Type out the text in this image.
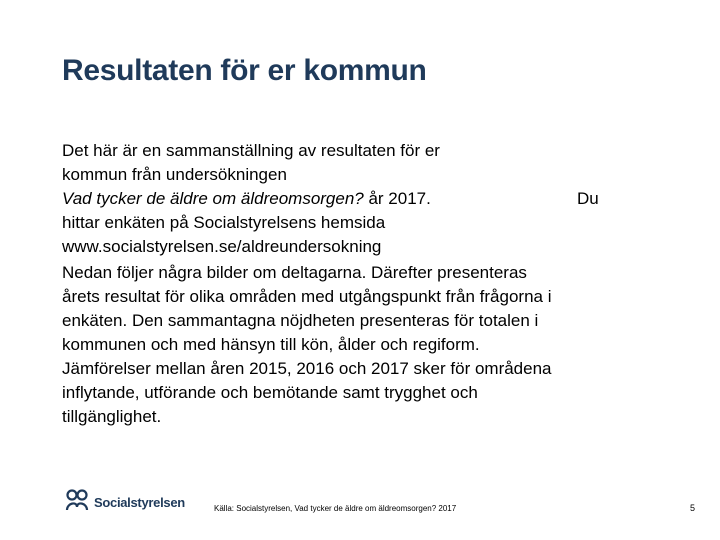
Resultaten för er kommun
Det här är en sammanställning av resultaten för er
kommun från undersökningen
Vad tycker de äldre om äldreomsorgen? år 2017.	Du
hittar enkäten på Socialstyrelsens hemsida
www.socialstyrelsen.se/aldreundersokning
Nedan följer några bilder om deltagarna. Därefter presenteras
årets resultat för olika områden med utgångspunkt från frågorna i
enkäten. Den sammantagna nöjdheten presenteras för totalen i
kommunen och med hänsyn till kön, ålder och regiform.
Jämförelser mellan åren 2015, 2016 och 2017 sker för områdena
inflytande, utförande och bemötande samt trygghet och
tillgänglighet.
Socialstyrelsen	Källa: Socialstyrelsen, Vad tycker de äldre om äldreomsorgen? 2017	5
